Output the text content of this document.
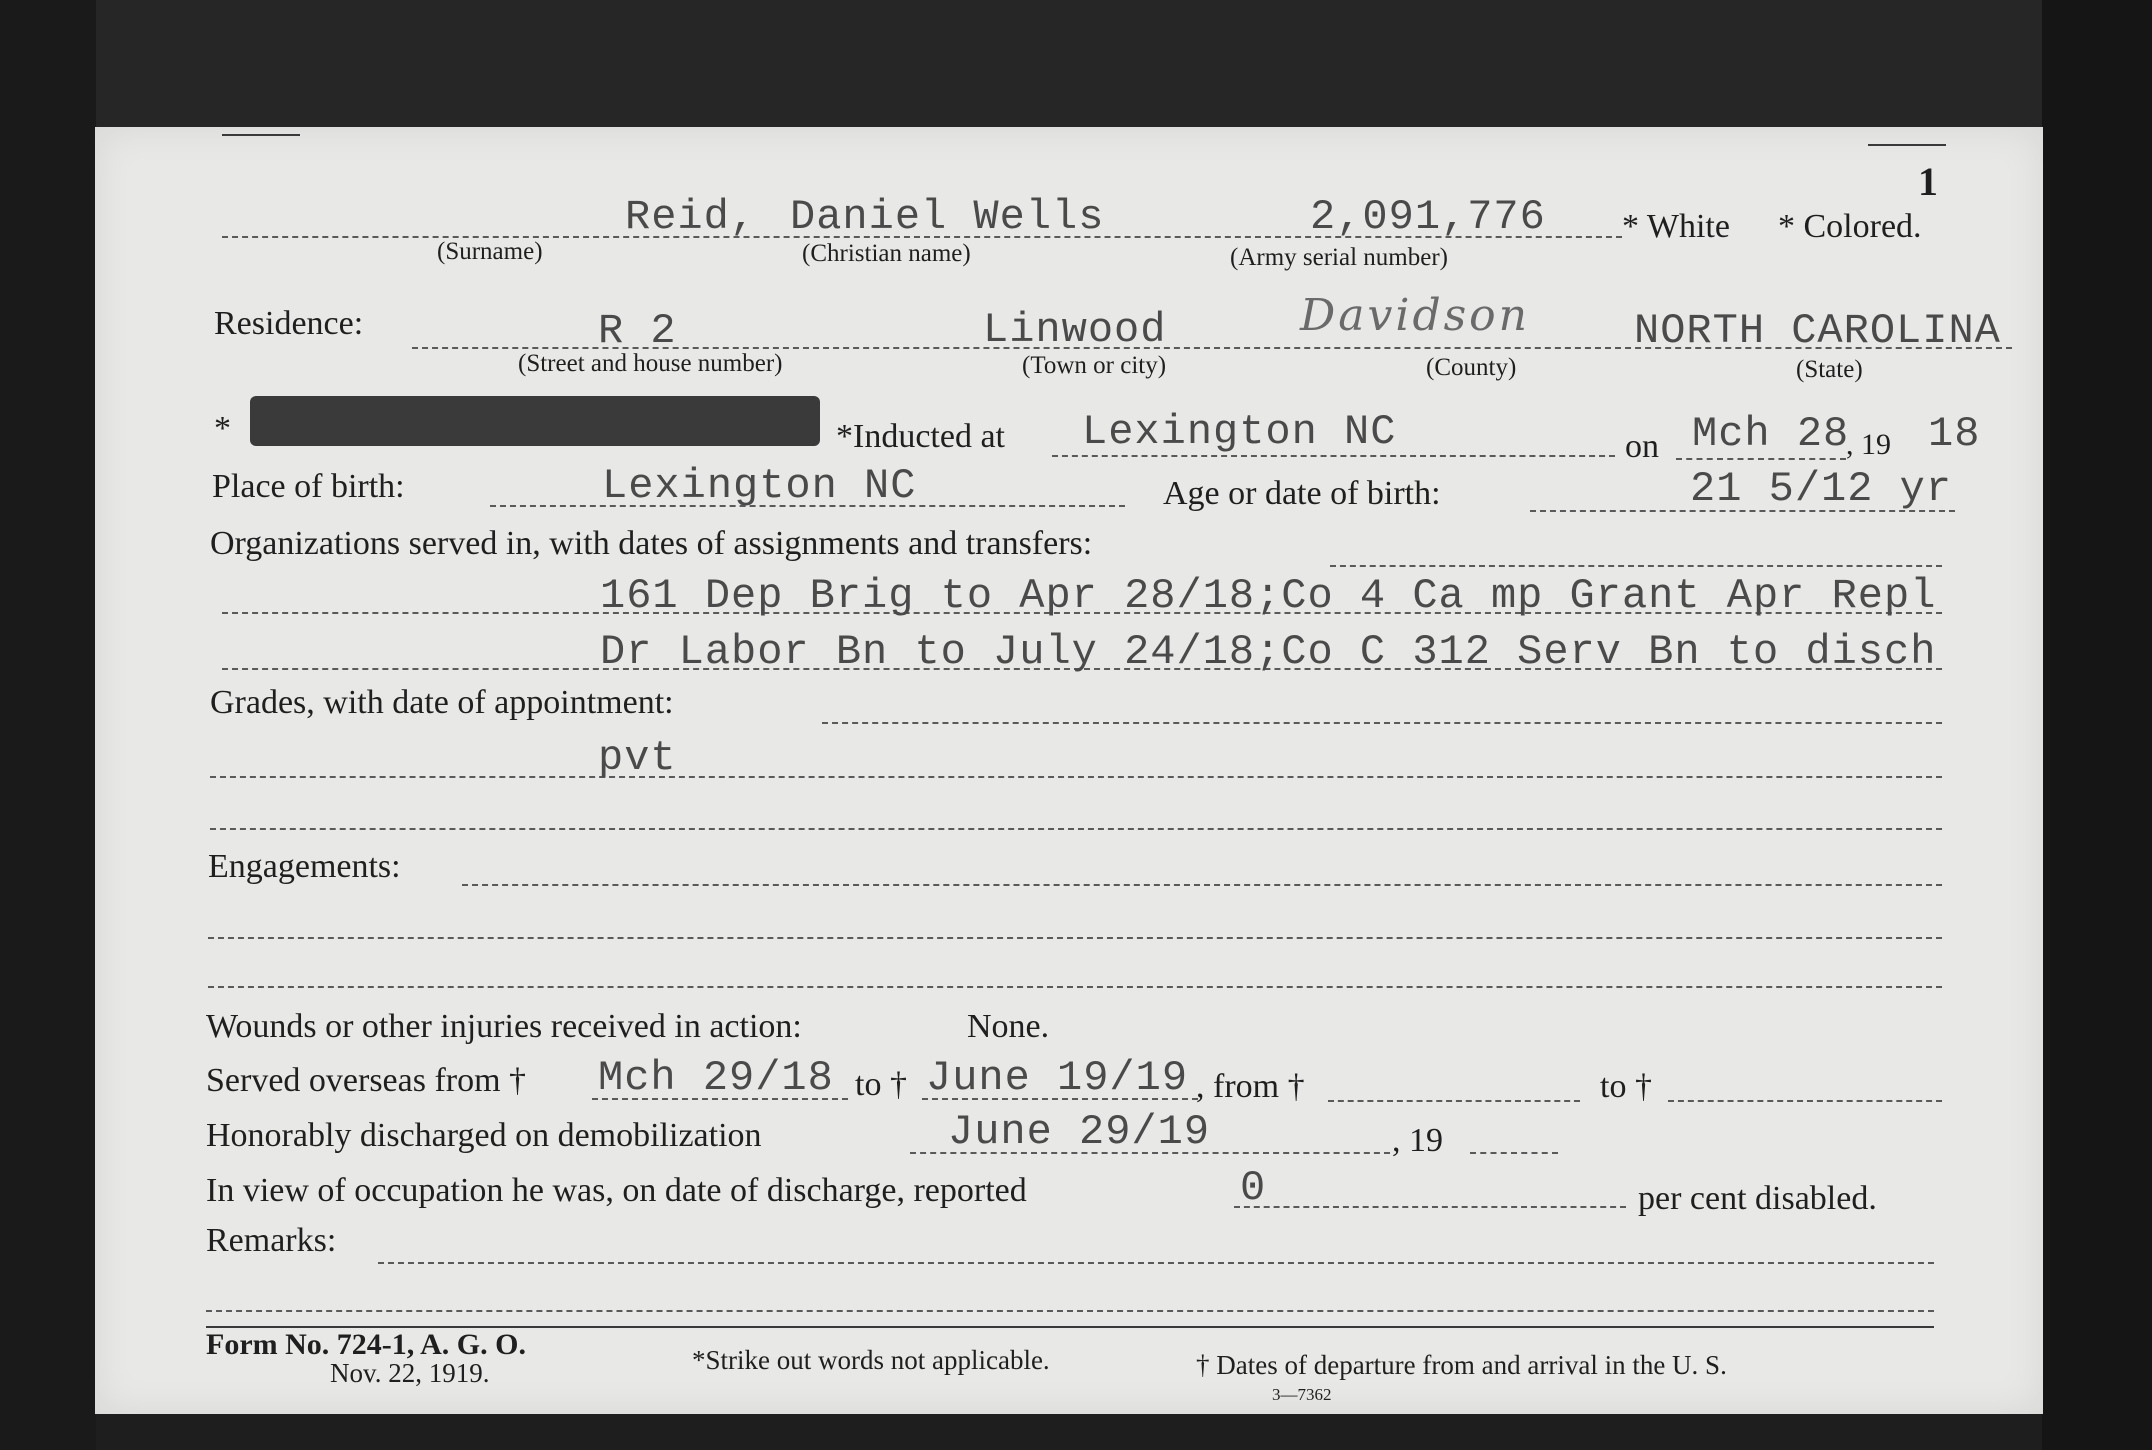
1
Reid, Daniel Wells	2,091,776 * White * Colored.
(Surname)	(Christian name)	(Army serial number)
Residence:	R 2	Linwood	Davidson NORTH CAROLINA
(Street and house number)	(Town or city)	(County)	(State)
*	*Inducted at Lexington NC	on Mch 28
, 19 18
Place of birth:	Lexington NC	Age or date of birth:	21 5/12 yr
Organizations served in, with dates of assignments and transfers:
161 Dep Brig to Apr 28/18;Co 4 Ca mp Grant Apr Repl
Dr Labor Bn to July 24/18;Co C 312 Serv Bn to disch
Grades, with date of appointment:
pvt
Engagements:
Wounds or other injuries received in action:	None.
Served overseas from † Mch 29/18 to † June 19/19 , from †	to †
Honorably discharged on demobilization	June 29/19	, 19
In view of occupation he was, on date of discharge, reported	0	per cent disabled.
Remarks:
Form No. 724-1, A. G. O.
Nov. 22, 1919.	*Strike out words not applicable.	† Dates of departure from and arrival in the U. S.
3—7362
